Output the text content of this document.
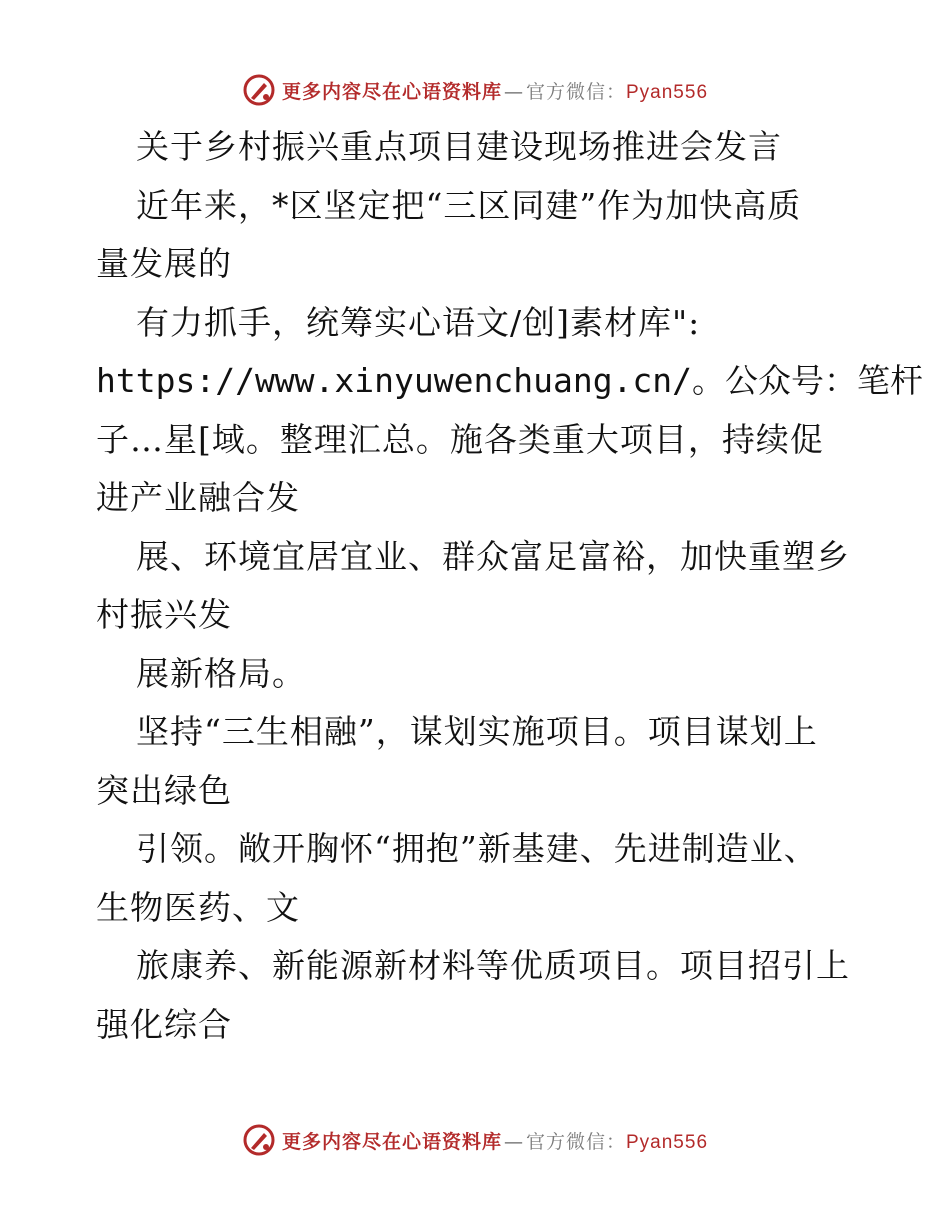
更多内容尽在心语资料库 — 官方微信：Pyan556
关于乡村振兴重点项目建设现场推进会发言
近年来，*区坚定把“三区同建”作为加快高质
量发展的
有力抓手，统筹实心语文/创]素材库":
https://www.xinyuwenchuang.cn/。公众号：笔杆
子…星[域。整理汇总。施各类重大项目，持续促
进产业融合发
展、环境宜居宜业、群众富足富裕，加快重塑乡
村振兴发
展新格局。
坚持“三生相融”，谋划实施项目。项目谋划上
突出绿色
引领。敞开胸怀“拥抱”新基建、先进制造业、
生物医药、文
旅康养、新能源新材料等优质项目。项目招引上
强化综合
更多内容尽在心语资料库 — 官方微信：Pyan556
